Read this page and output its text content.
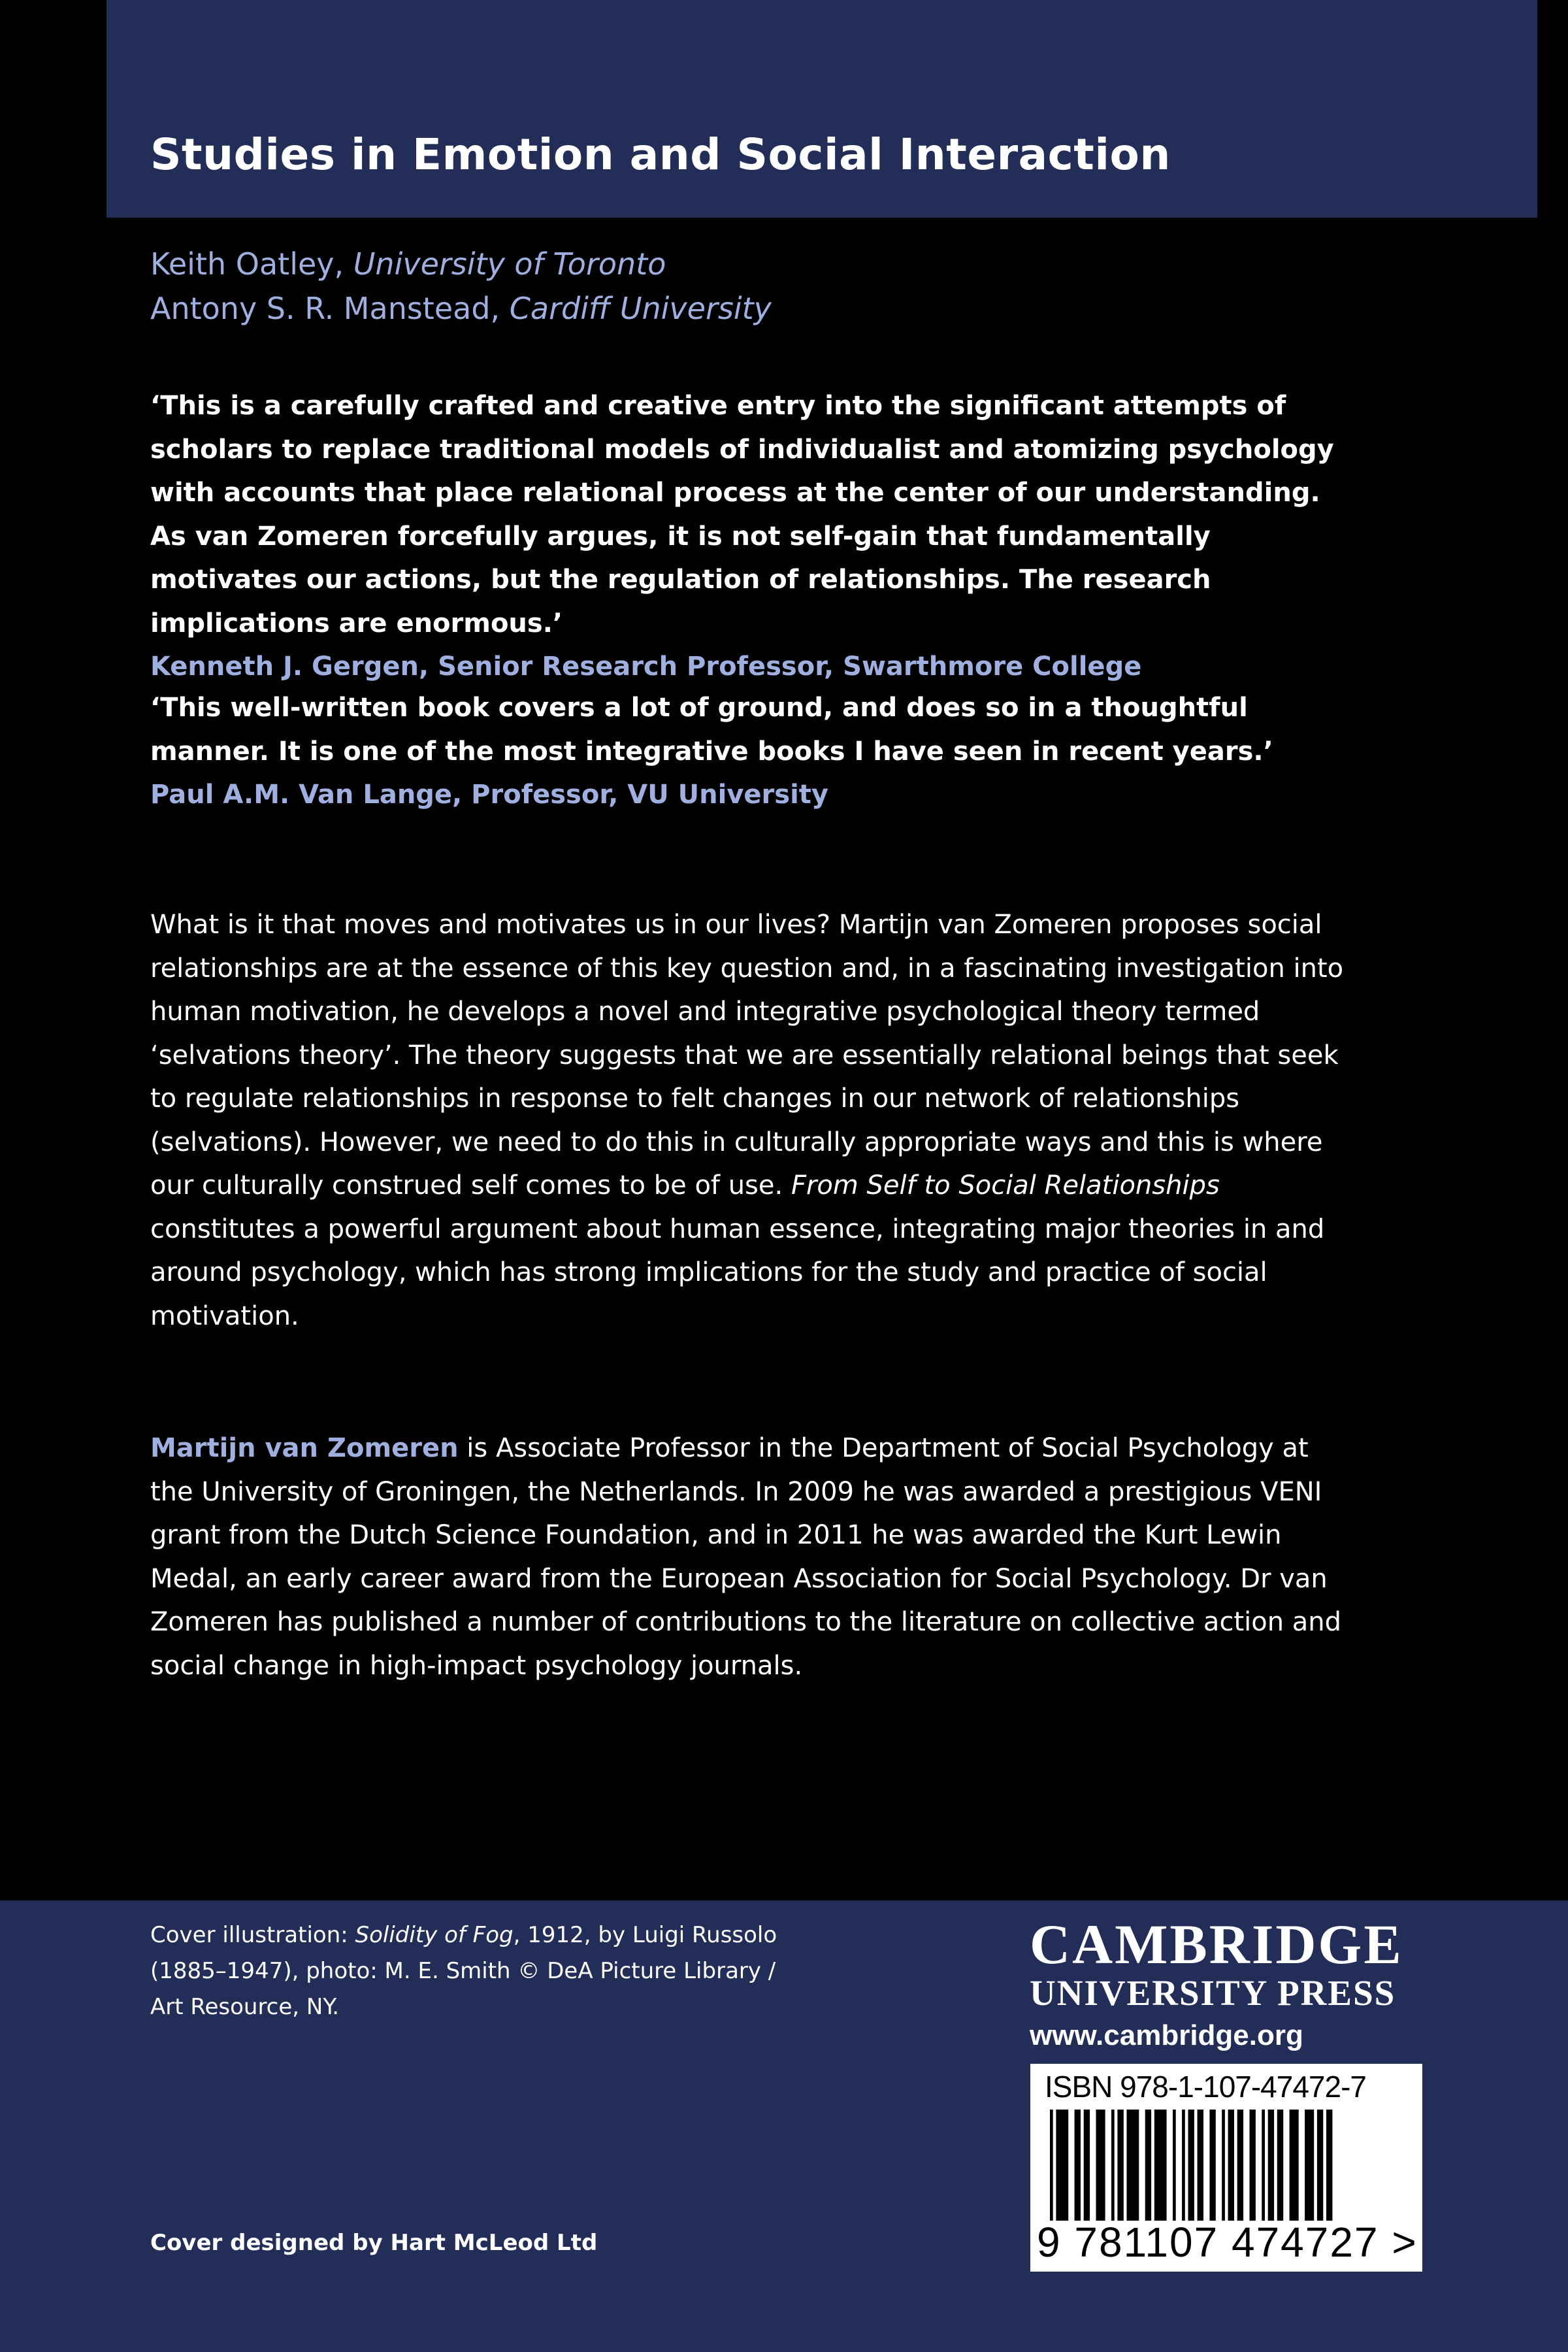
Studies in Emotion and Social Interaction
Keith Oatley, University of Toronto
Antony S. R. Manstead, Cardiff University
‘This is a carefully crafted and creative entry into the significant attempts of scholars to replace traditional models of individualist and atomizing psychology with accounts that place relational process at the center of our understanding. As van Zomeren forcefully argues, it is not self-gain that fundamentally motivates our actions, but the regulation of relationships. The research implications are enormous.’
Kenneth J. Gergen, Senior Research Professor, Swarthmore College
‘This well-written book covers a lot of ground, and does so in a thoughtful manner. It is one of the most integrative books I have seen in recent years.’
Paul A.M. Van Lange, Professor, VU University
What is it that moves and motivates us in our lives? Martijn van Zomeren proposes social relationships are at the essence of this key question and, in a fascinating investigation into human motivation, he develops a novel and integrative psychological theory termed ‘selvations theory’. The theory suggests that we are essentially relational beings that seek to regulate relationships in response to felt changes in our network of relationships (selvations). However, we need to do this in culturally appropriate ways and this is where our culturally construed self comes to be of use. From Self to Social Relationships constitutes a powerful argument about human essence, integrating major theories in and around psychology, which has strong implications for the study and practice of social motivation.
Martijn van Zomeren is Associate Professor in the Department of Social Psychology at the University of Groningen, the Netherlands. In 2009 he was awarded a prestigious VENI grant from the Dutch Science Foundation, and in 2011 he was awarded the Kurt Lewin Medal, an early career award from the European Association for Social Psychology. Dr van Zomeren has published a number of contributions to the literature on collective action and social change in high-impact psychology journals.
Cover illustration: Solidity of Fog, 1912, by Luigi Russolo (1885–1947), photo: M. E. Smith © DeA Picture Library / Art Resource, NY.
Cover designed by Hart McLeod Ltd
CAMBRIDGE
UNIVERSITY PRESS
www.cambridge.org
ISBN 978-1-107-47472-7
9 781107 474727 >
